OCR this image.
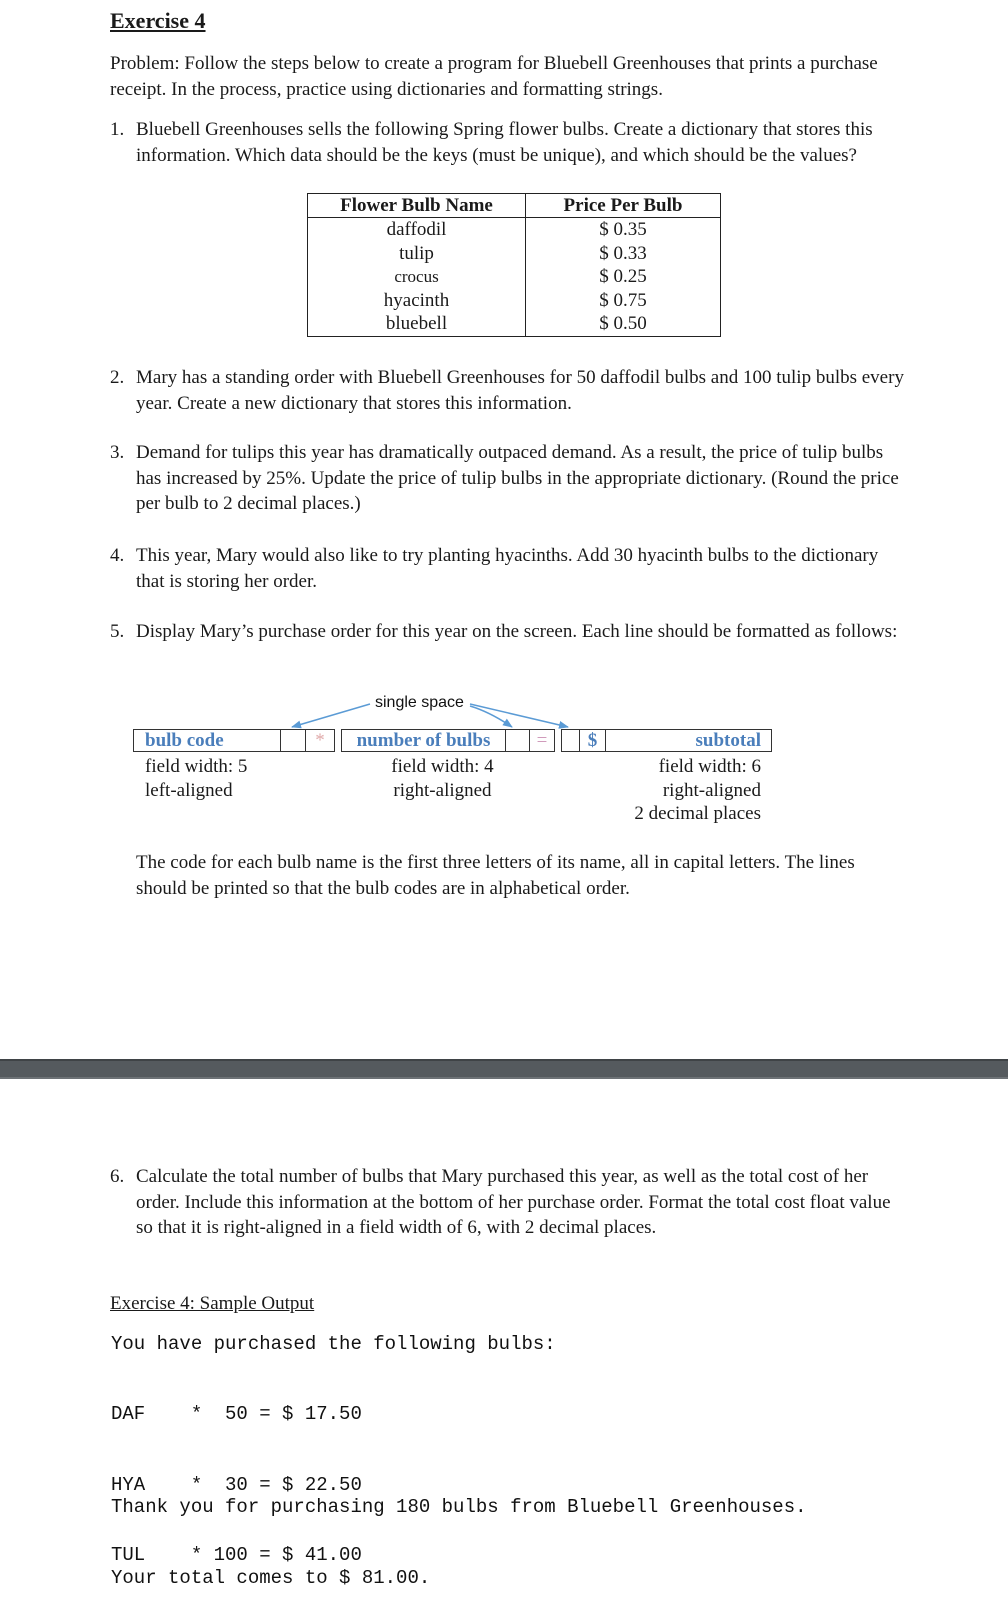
Exercise 4
Problem: Follow the steps below to create a program for Bluebell Greenhouses that prints a purchase receipt. In the process, practice using dictionaries and formatting strings.
1. Bluebell Greenhouses sells the following Spring flower bulbs. Create a dictionary that stores this information. Which data should be the keys (must be unique), and which should be the values?
Flower Bulb Name	Price Per Bulb
daffodil	$ 0.35
tulip	$ 0.33
crocus	$ 0.25
hyacinth	$ 0.75
bluebell	$ 0.50
2. Mary has a standing order with Bluebell Greenhouses for 50 daffodil bulbs and 100 tulip bulbs every year. Create a new dictionary that stores this information.
3. Demand for tulips this year has dramatically outpaced demand. As a result, the price of tulip bulbs has increased by 25%. Update the price of tulip bulbs in the appropriate dictionary. (Round the price per bulb to 2 decimal places.)
4. This year, Mary would also like to try planting hyacinths. Add 30 hyacinth bulbs to the dictionary that is storing her order.
5. Display Mary’s purchase order for this year on the screen. Each line should be formatted as follows:
single space
bulb code	*	number of bulbs	=	$	subtotal
field width: 5
left-aligned
field width: 4
right-aligned
field width: 6
right-aligned
2 decimal places
The code for each bulb name is the first three letters of its name, all in capital letters. The lines should be printed so that the bulb codes are in alphabetical order.
6. Calculate the total number of bulbs that Mary purchased this year, as well as the total cost of her order. Include this information at the bottom of her purchase order. Format the total cost float value so that it is right-aligned in a field width of 6, with 2 decimal places.
Exercise 4: Sample Output
You have purchased the following bulbs:

DAF    *  50 = $ 17.50

HYA    *  30 = $ 22.50

TUL    * 100 = $ 41.00

Thank you for purchasing 180 bulbs from Bluebell Greenhouses.

Your total comes to $ 81.00.
